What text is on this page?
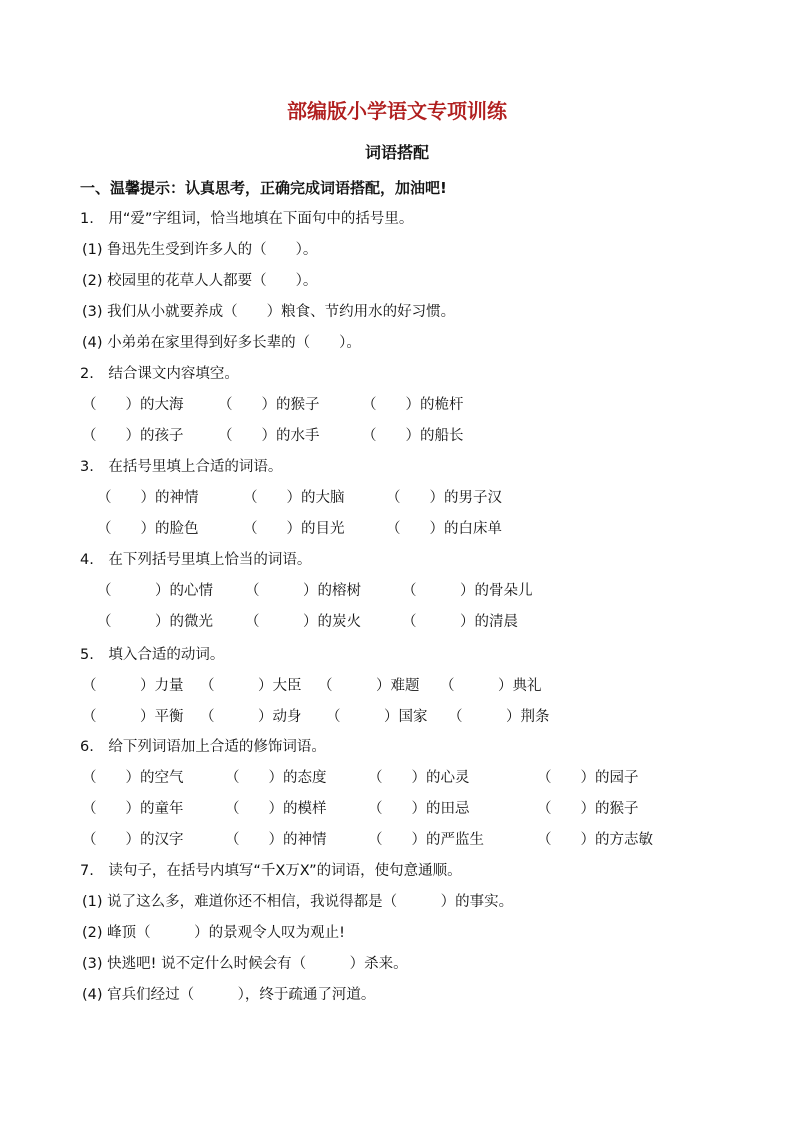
部编版小学语文专项训练
词语搭配
一、温馨提示：认真思考，正确完成词语搭配，加油吧!
1.　用“爱”字组词，恰当地填在下面句中的括号里。
(1) 鲁迅先生受到许多人的（　　）。
(2) 校园里的花草人人都要（　　）。
(3) 我们从小就要养成（　　）粮食、节约用水的好习惯。
(4) 小弟弟在家里得到好多长辈的（　　）。
2.　结合课文内容填空。
（　　）的大海 （　　）的猴子	（　　）的桅杆
（　　）的孩子 （　　）的水手	（　　）的船长
3.　在括号里填上合适的词语。
（　　）的神情	（　　）的大脑	（　　）的男子汉
（　　）的脸色	（　　）的目光	（　　）的白床单
4.　在下列括号里填上恰当的词语。
（　　　）的心情 （　　　）的榕树	（　　　）的骨朵儿
（　　　）的微光 （　　　）的炭火	（　　　）的清晨
5.　填入合适的动词。
（　　　）力量 （　　　）大臣 （　　　）难题 （　　　）典礼
（　　　）平衡 （　　　）动身 （　　　）国家 （　　　）荆条
6.　给下列词语加上合适的修饰词语。
（　　）的空气	（　　）的态度	（　　）的心灵	（　　）的园子
（　　）的童年	（　　）的模样	（　　）的田忌	（　　）的猴子
（　　）的汉字	（　　）的神情	（　　）的严监生	（　　）的方志敏
7.　读句子，在括号内填写“千X万X”的词语，使句意通顺。
(1) 说了这么多，难道你还不相信，我说得都是（　　　）的事实。
(2) 峰顶（　　　）的景观令人叹为观止!
(3) 快逃吧! 说不定什么时候会有（　　　）杀来。
(4) 官兵们经过（　　　），终于疏通了河道。
